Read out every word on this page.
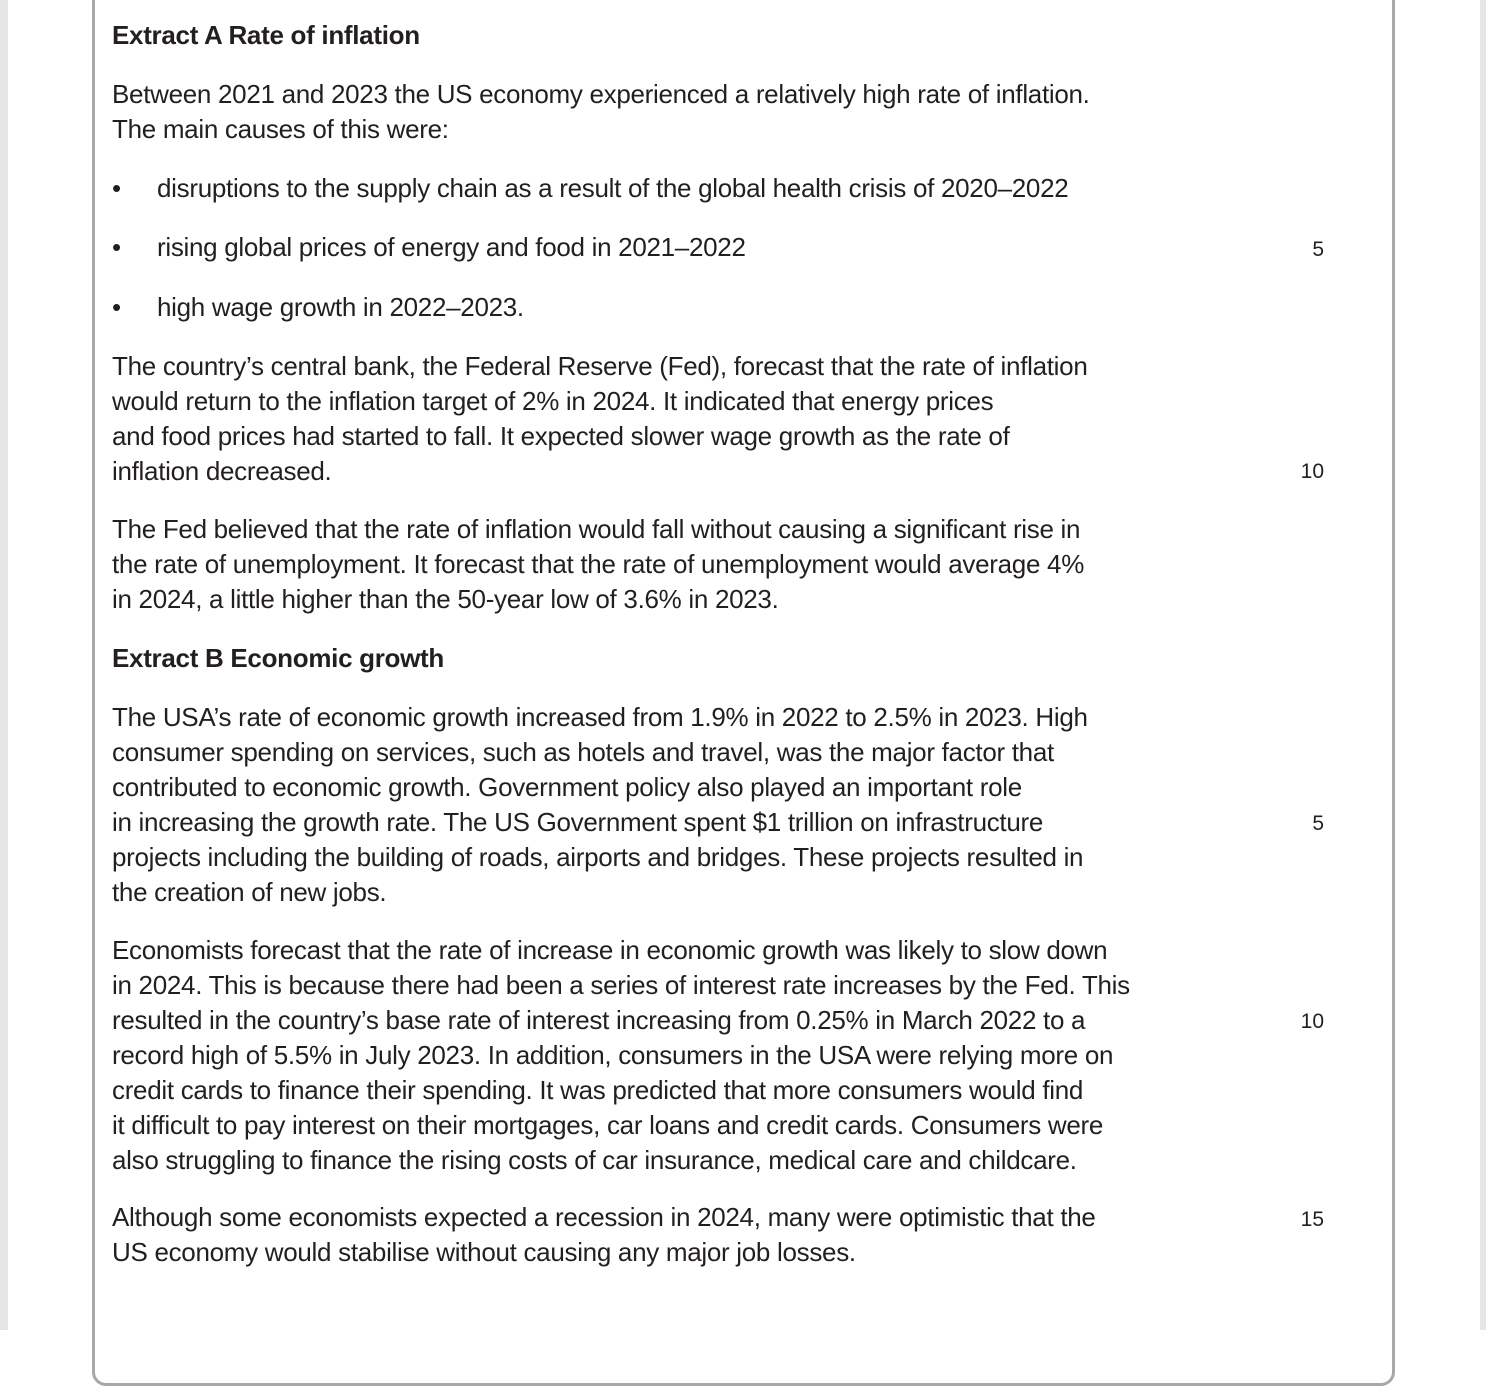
Extract A Rate of inflation
Between 2021 and 2023 the US economy experienced a relatively high rate of inflation.
The main causes of this were:
• disruptions to the supply chain as a result of the global health crisis of 2020–2022
• rising global prices of energy and food in 2021–2022
• high wage growth in 2022–2023.
The country’s central bank, the Federal Reserve (Fed), forecast that the rate of inflation
would return to the inflation target of 2% in 2024. It indicated that energy prices
and food prices had started to fall. It expected slower wage growth as the rate of
inflation decreased.
The Fed believed that the rate of inflation would fall without causing a significant rise in
the rate of unemployment. It forecast that the rate of unemployment would average 4%
in 2024, a little higher than the 50-year low of 3.6% in 2023.
5
10
Extract B Economic growth
The USA’s rate of economic growth increased from 1.9% in 2022 to 2.5% in 2023. High
consumer spending on services, such as hotels and travel, was the major factor that
contributed to economic growth. Government policy also played an important role
in increasing the growth rate. The US Government spent $1 trillion on infrastructure
projects including the building of roads, airports and bridges. These projects resulted in
the creation of new jobs.
Economists forecast that the rate of increase in economic growth was likely to slow down
in 2024. This is because there had been a series of interest rate increases by the Fed. This
resulted in the country’s base rate of interest increasing from 0.25% in March 2022 to a
record high of 5.5% in July 2023. In addition, consumers in the USA were relying more on
credit cards to finance their spending. It was predicted that more consumers would find
it difficult to pay interest on their mortgages, car loans and credit cards. Consumers were
also struggling to finance the rising costs of car insurance, medical care and childcare.
Although some economists expected a recession in 2024, many were optimistic that the
US economy would stabilise without causing any major job losses.
5
10
15
